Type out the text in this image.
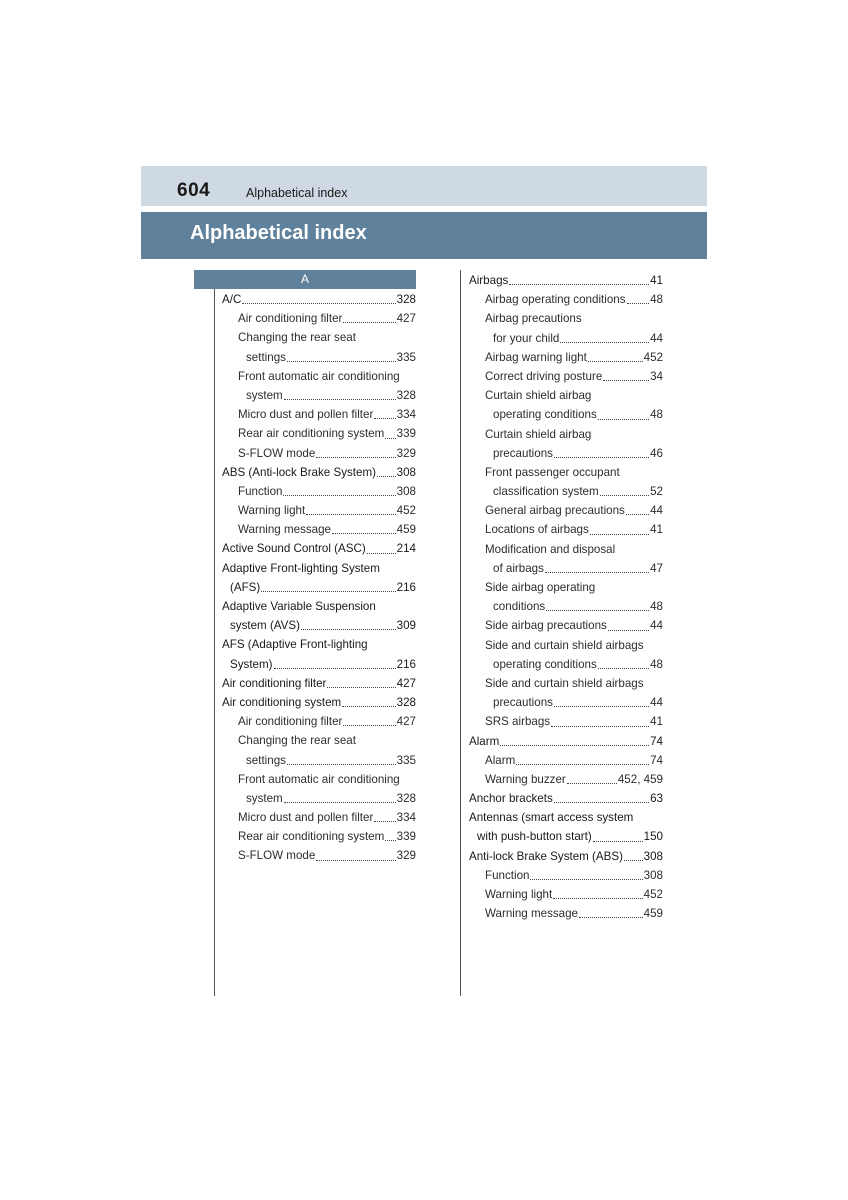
604	Alphabetical index
Alphabetical index
A
A/C	328
Air conditioning filter	427
Changing the rear seat
settings	335
Front automatic air conditioning
system	328
Micro dust and pollen filter 334
Rear air conditioning system 339
S-FLOW mode	329
ABS (Anti-lock Brake System) 308
Function	308
Warning light	452
Warning message	459
Active Sound Control (ASC)	214
Adaptive Front-lighting System
(AFS)	216
Adaptive Variable Suspension
system (AVS)	309
AFS (Adaptive Front-lighting
System)	216
Air conditioning filter	427
Air conditioning system	328
Air conditioning filter	427
Changing the rear seat
settings	335
Front automatic air conditioning
system	328
Micro dust and pollen filter 334
Rear air conditioning system 339
S-FLOW mode	329
Airbags	41
Airbag operating conditions 48
Airbag precautions
for your child	44
Airbag warning light	452
Correct driving posture	34
Curtain shield airbag
operating conditions	48
Curtain shield airbag
precautions	46
Front passenger occupant
classification system	52
General airbag precautions 44
Locations of airbags	41
Modification and disposal
of airbags	47
Side airbag operating
conditions	48
Side airbag precautions	44
Side and curtain shield airbags
operating conditions	48
Side and curtain shield airbags
precautions	44
SRS airbags	41
Alarm	74
Alarm	74
Warning buzzer	452, 459
Anchor brackets	63
Antennas (smart access system
with push-button start)	150
Anti-lock Brake System (ABS) 308
Function	308
Warning light	452
Warning message	459
